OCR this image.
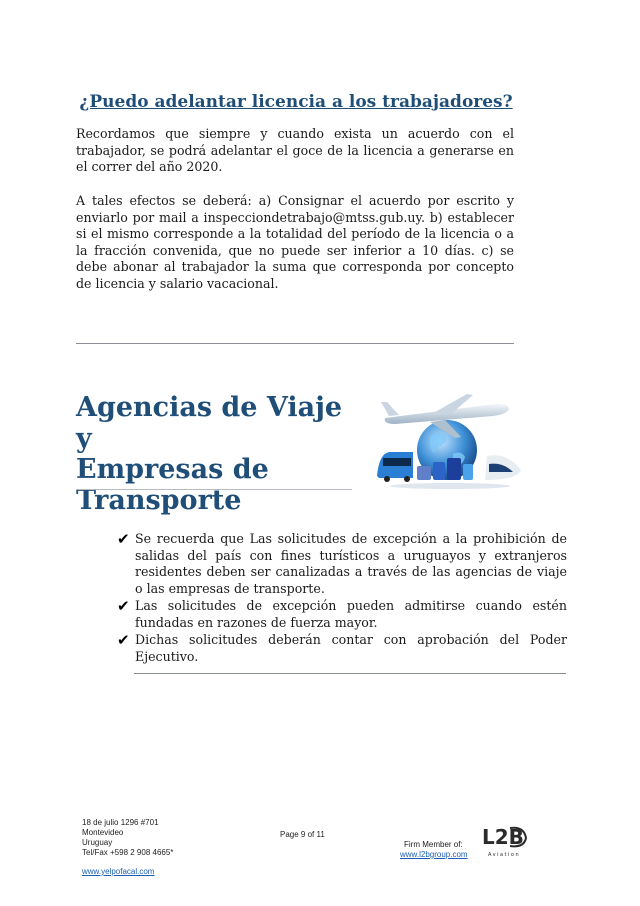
¿Puedo adelantar licencia a los trabajadores?

Recordamos que siempre y cuando exista un acuerdo con el trabajador, se podrá adelantar el goce de la licencia a generarse en el correr del año 2020.

A tales efectos se deberá: a) Consignar el acuerdo por escrito y enviarlo por mail a inspecciondetrabajo@mtss.gub.uy. b) establecer si el mismo corresponde a la totalidad del período de la licencia o a la fracción convenida, que no puede ser inferior a 10 días. c) se debe abonar al trabajador la suma que corresponda por concepto de licencia y salario vacacional.

Agencias de Viaje y
Empresas de
Transporte
✔ Se recuerda que Las solicitudes de excepción a la prohibición de salidas del país con fines turísticos a uruguayos y extranjeros residentes deben ser canalizadas a través de las agencias de viaje o las empresas de transporte.
✔ Las solicitudes de excepción pueden admitirse cuando estén fundadas en razones de fuerza mayor.
✔ Dichas solicitudes deberán contar con aprobación del Poder Ejecutivo.
18 de julio 1296 #701
Montevideo
Uruguay
Tel/Fax +598 2 908 4665*
Page 9 of 11
Firm Member of:
www.l2bgroup.com
L2B
Aviation
www.yelpofacal.com
